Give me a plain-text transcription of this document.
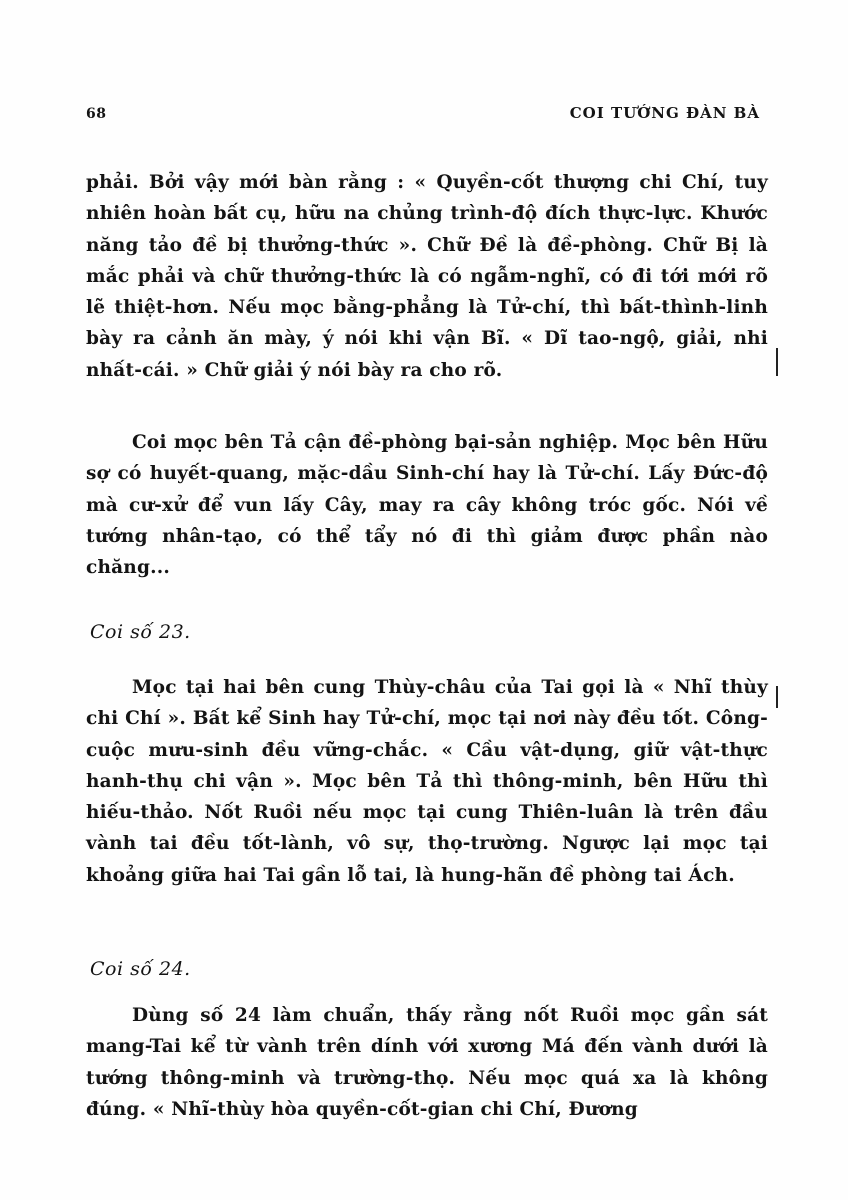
68	COI TƯỚNG ĐÀN BÀ

phải. Bởi vậy mới bàn rằng : « Quyền-cốt thượng chi Chí, tuy nhiên hoàn bất cụ, hữu na chủng trình-độ đích thực-lực. Khước năng tảo đề bị thưởng-thức ». Chữ Đề là đề-phòng. Chữ Bị là mắc phải và chữ thưởng-thức là có ngẫm-nghĩ, có đi tới mới rõ lẽ thiệt-hơn. Nếu mọc bằng-phẳng là Tử-chí, thì bất-thình-linh bày ra cảnh ăn mày, ý nói khi vận Bĩ. « Dĩ tao-ngộ, giải, nhi nhất-cái. » Chữ giải ý nói bày ra cho rõ.

Coi mọc bên Tả cận đề-phòng bại-sản nghiệp. Mọc bên Hữu sợ có huyết-quang, mặc-dầu Sinh-chí hay là Tử-chí. Lấy Đức-độ mà cư-xử để vun lấy Cây, may ra cây không tróc gốc. Nói về tướng nhân-tạo, có thể tẩy nó đi thì giảm được phần nào chăng...

Coi số 23.

Mọc tại hai bên cung Thùy-châu của Tai gọi là « Nhĩ thùy chi Chí ». Bất kể Sinh hay Tử-chí, mọc tại nơi này đều tốt. Công-cuộc mưu-sinh đều vững-chắc. « Cầu vật-dụng, giữ vật-thực hanh-thụ chi vận ». Mọc bên Tả thì thông-minh, bên Hữu thì hiếu-thảo. Nốt Ruồi nếu mọc tại cung Thiên-luân là trên đầu vành tai đều tốt-lành, vô sự, thọ-trường. Ngược lại mọc tại khoảng giữa hai Tai gần lỗ tai, là hung-hãn đề phòng tai Ách.

Coi số 24.

Dùng số 24 làm chuẩn, thấy rằng nốt Ruồi mọc gần sát mang-Tai kể từ vành trên dính với xương Má đến vành dưới là tướng thông-minh và trường-thọ. Nếu mọc quá xa là không đúng. « Nhĩ-thùy hòa quyền-cốt-gian chi Chí, Đương
